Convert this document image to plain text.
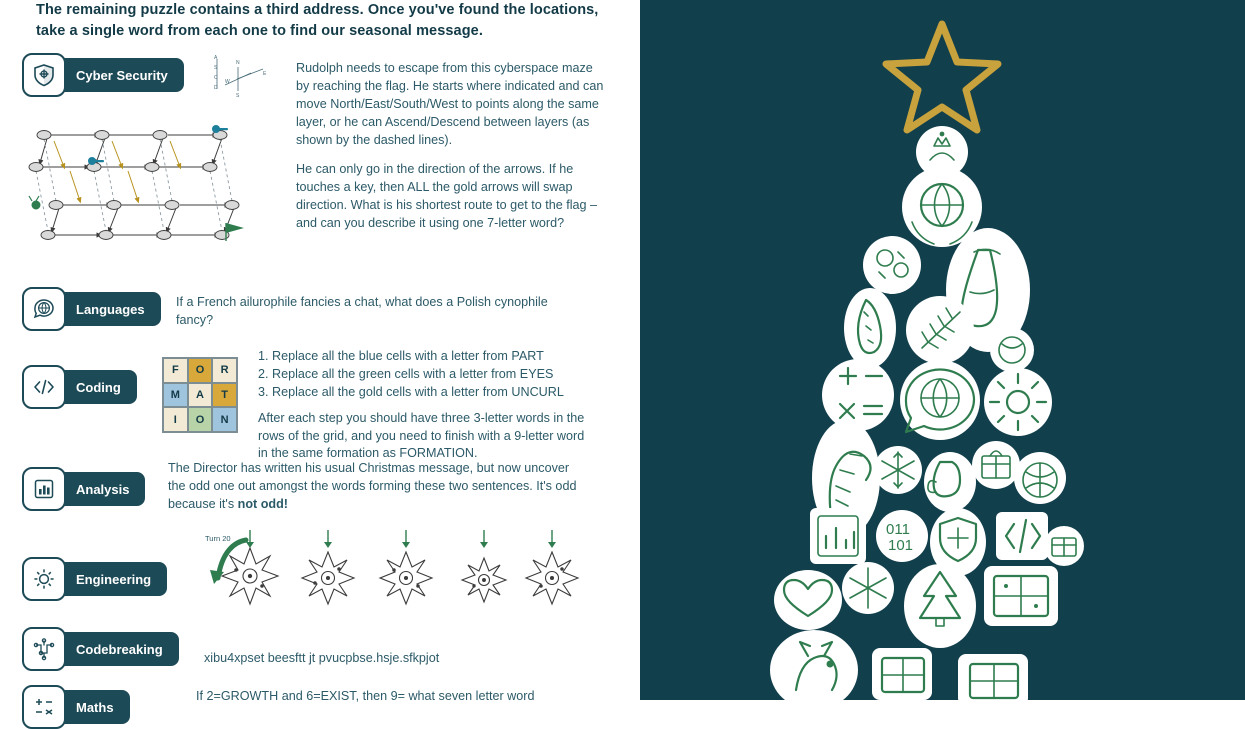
The remaining puzzle contains a third address. Once you've found the locations, take a single word from each one to find our seasonal message.
Cyber Security
A
S
C
D
N
S
W
E Rudolph needs to escape from this cyberspace maze by reaching the flag. He starts where indicated and can move North/East/South/West to points along the same layer, or he can Ascend/Descend between layers (as shown by the dashed lines).

He can only go in the direction of the arrows. If he touches a key, then ALL the gold arrows will swap direction. What is his shortest route to get to the flag – and can you describe it using one 7-letter word?

Languages	If a French ailurophile fancies a chat, what does a Polish cynophile fancy?

Coding
F	O	R
M	A	T
I	O	N
1. Replace all the blue cells with a letter from PART
2. Replace all the green cells with a letter from EYES
3. Replace all the gold cells with a letter from UNCURL

After each step you should have three 3-letter words in the rows of the grid, and you need to finish with a 9-letter word in the same formation as FORMATION.

Analysis

The Director has written his usual Christmas message, but now uncover the odd one out amongst the words forming these two sentences. It's odd because it's not odd!

Engineering
Turn 20
Codebreaking

xibu4xpset beesftt jt pvucpbse.hsje.sfkpjot

Maths

If 2=GROWTH and 6=EXIST, then 9= what seven letter word

011
101
